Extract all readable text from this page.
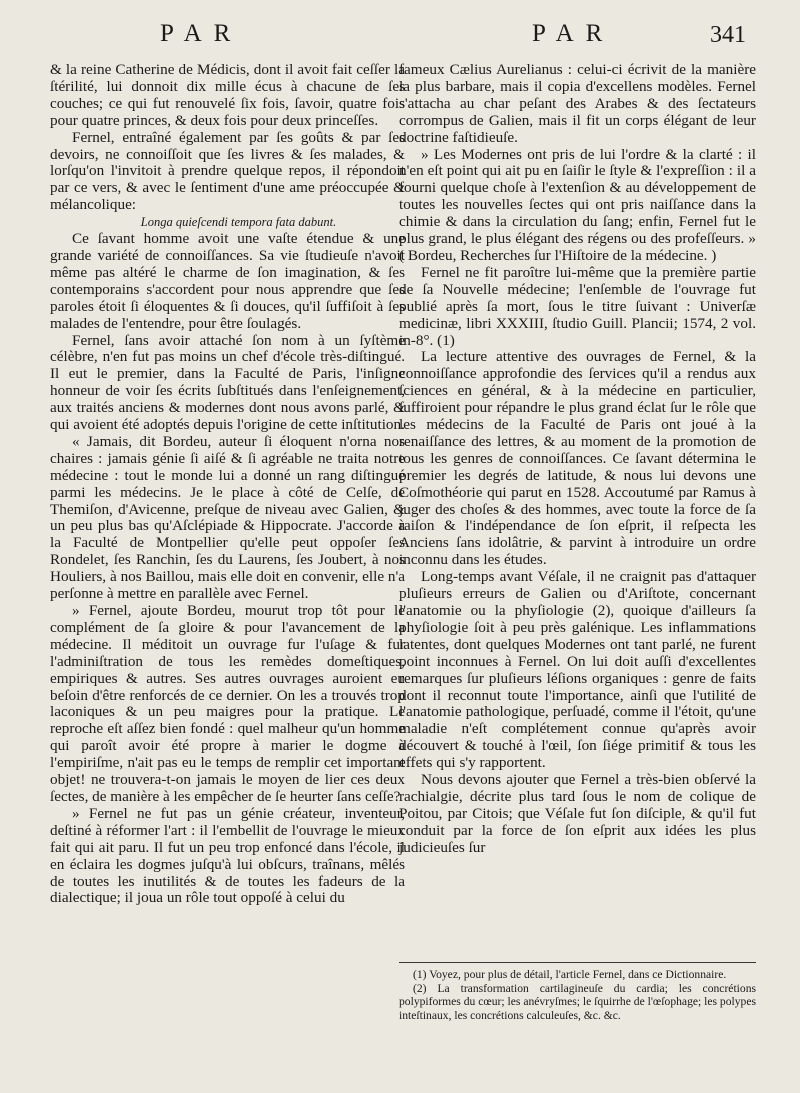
PAR	PAR	341

& la reine Catherine de Médicis, dont il avoit fait ceſſer la ſtérilité, lui donnoit dix mille écus à chacune de ſes couches; ce qui fut renouvelé ſix fois, ſavoir, quatre fois pour quatre princes, & deux fois pour deux princeſſes.

Fernel, entraîné également par ſes goûts & par ſes devoirs, ne connoiſſoit que ſes livres & ſes malades, & lorſqu'on l'invitoit à prendre quelque repos, il répondoit par ce vers, & avec le ſentiment d'une ame préoccupée & mélancolique:

Longa quieſcendi tempora fata dabunt.

Ce ſavant homme avoit une vaſte étendue & une grande variété de connoiſſances. Sa vie ſtudieuſe n'avoit même pas altéré le charme de ſon imagination, & ſes contemporains s'accordent pour nous apprendre que ſes paroles étoit ſi éloquentes & ſi douces, qu'il ſuffiſoit à ſes malades de l'entendre, pour être ſoulagés.

Fernel, ſans avoir attaché ſon nom à un ſyſtème célèbre, n'en fut pas moins un chef d'école très-diſtingué. Il eut le premier, dans la Faculté de Paris, l'inſigne honneur de voir ſes écrits ſubſtitués dans l'enſeignement, aux traités anciens & modernes dont nous avons parlé, & qui avoient été adoptés depuis l'origine de cette inſtitution.

« Jamais, dit Bordeu, auteur ſi éloquent n'orna nos chaires : jamais génie ſi aiſé & ſi agréable ne traita notre médecine : tout le monde lui a donné un rang diſtingué parmi les médecins. Je le place à côté de Celſe, de Themiſon, d'Avicenne, preſque de niveau avec Galien, & un peu plus bas qu'Aſclépiade & Hippocrate. J'accorde à la Faculté de Montpellier qu'elle peut oppoſer ſes Rondelet, ſes Ranchin, ſes du Laurens, ſes Joubert, à nos Houliers, à nos Baillou, mais elle doit en convenir, elle n'a perſonne à mettre en parallèle avec Fernel.

» Fernel, ajoute Bordeu, mourut trop tôt pour le complément de ſa gloire & pour l'avancement de la médecine. Il méditoit un ouvrage fur l'uſage & fur l'adminiſtration de tous les remèdes domeſtiques, empiriques & autres. Ses autres ouvrages auroient eu beſoin d'être renforcés de ce dernier. On les a trouvés trop laconiques & un peu maigres pour la pratique. Le reproche eſt aſſez bien fondé : quel malheur qu'un homme qui paroît avoir été propre à marier le dogme à l'empiriſme, n'ait pas eu le temps de remplir cet important objet! ne trouvera-t-on jamais le moyen de lier ces deux ſectes, de manière à les empêcher de ſe heurter ſans ceſſe?

» Fernel ne fut pas un génie créateur, inventeur, deſtiné à réformer l'art : il l'embellit de l'ouvrage le mieux fait qui ait paru. Il fut un peu trop enfoncé dans l'école, il en éclaira les dogmes juſqu'à lui obſcurs, traînans, mêlés de toutes les inutilités & de toutes les fadeurs de la dialectique; il joua un rôle tout oppoſé à celui du

fameux Cælius Aurelianus : celui-ci écrivit de la manière la plus barbare, mais il copia d'excellens modèles. Fernel s'attacha au char peſant des Arabes & des ſectateurs corrompus de Galien, mais il fit un corps élégant de leur doctrine faſtidieuſe.

» Les Modernes ont pris de lui l'ordre & la clarté : il n'en eſt point qui ait pu en ſaiſir le ſtyle & l'expreſſion : il a fourni quelque choſe à l'extenſion & au développement de toutes les nouvelles ſectes qui ont pris naiſſance dans la chimie & dans la circulation du ſang; enfin, Fernel fut le plus grand, le plus élégant des régens ou des profeſſeurs. » ( Bordeu, Recherches ſur l'Hiſtoire de la médecine. )

Fernel ne fit paroître lui-même que la première partie de ſa Nouvelle médecine; l'enſemble de l'ouvrage fut publié après ſa mort, ſous le titre ſuivant : Univerſæ medicinæ, libri XXXIII, ſtudio Guill. Plancii; 1574, 2 vol. in-8°. (1)

La lecture attentive des ouvrages de Fernel, & la connoiſſance approfondie des ſervices qu'il a rendus aux ſciences en général, & à la médecine en particulier, ſuffiroient pour répandre le plus grand éclat ſur le rôle que les médecins de la Faculté de Paris ont joué à la renaiſſance des lettres, & au moment de la promotion de tous les genres de connoiſſances. Ce ſavant détermina le premier les degrés de latitude, & nous lui devons une Coſmothéorie qui parut en 1528. Accoutumé par Ramus à juger des choſes & des hommes, avec toute la force de ſa raiſon & l'indépendance de ſon eſprit, il reſpecta les Anciens ſans idolâtrie, & parvint à introduire un ordre inconnu dans les études.

Long-temps avant Véſale, il ne craignit pas d'attaquer pluſieurs erreurs de Galien ou d'Ariſtote, concernant l'anatomie ou la phyſiologie (2), quoique d'ailleurs ſa phyſiologie ſoit à peu près galénique. Les inflammations latentes, dont quelques Modernes ont tant parlé, ne furent point inconnues à Fernel. On lui doit auſſi d'excellentes remarques ſur pluſieurs léſions organiques : genre de faits dont il reconnut toute l'importance, ainſi que l'utilité de l'anatomie pathologique, perſuadé, comme il l'étoit, qu'une maladie n'eſt complétement connue qu'après avoir découvert & touché à l'œil, ſon ſiége primitif & tous les effets qui s'y rapportent.

Nous devons ajouter que Fernel a très-bien obſervé la rachialgie, décrite plus tard ſous le nom de colique de Poitou, par Citois; que Véſale fut ſon diſciple, & qu'il fut conduit par la force de ſon eſprit aux idées les plus judicieuſes ſur

(1) Voyez, pour plus de détail, l'article Fernel, dans ce Dictionnaire.

(2) La transformation cartilagineuſe du cardia; les concrétions polypiformes du cœur; les anévryſmes; le ſquirrhe de l'œſophage; les polypes inteſtinaux, les concrétions calculeuſes, &c. &c.
